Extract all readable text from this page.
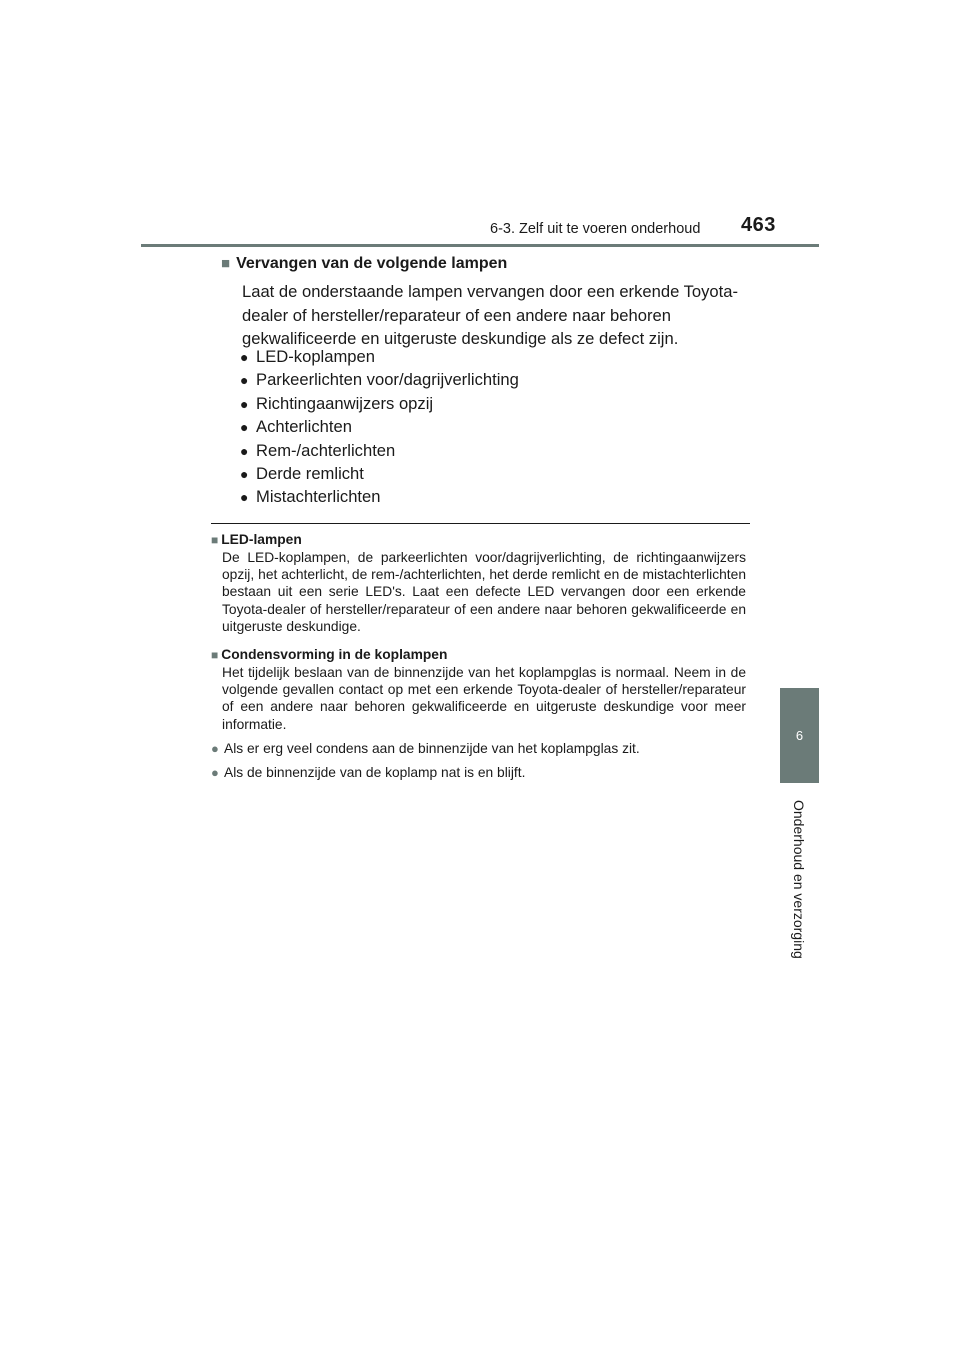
6-3. Zelf uit te voeren onderhoud 463
6
Onderhoud en verzorging
■ Vervangen van de volgende lampen
Laat de onderstaande lampen vervangen door een erkende Toyota-dealer of hersteller/reparateur of een andere naar behoren gekwalificeerde en uitgeruste deskundige als ze defect zijn.
● LED-koplampen
● Parkeerlichten voor/dagrijverlichting
● Richtingaanwijzers opzij
● Achterlichten
● Rem-/achterlichten
● Derde remlicht
● Mistachterlichten
■ LED-lampen
De LED-koplampen, de parkeerlichten voor/dagrijverlichting, de richtingaanwijzers opzij, het achterlicht, de rem-/achterlichten, het derde remlicht en de mistachterlichten bestaan uit een serie LED's. Laat een defecte LED vervangen door een erkende Toyota-dealer of hersteller/reparateur of een andere naar behoren gekwalificeerde en uitgeruste deskundige.
■ Condensvorming in de koplampen
Het tijdelijk beslaan van de binnenzijde van het koplampglas is normaal. Neem in de volgende gevallen contact op met een erkende Toyota-dealer of hersteller/reparateur of een andere naar behoren gekwalificeerde en uitgeruste deskundige voor meer informatie.
● Als er erg veel condens aan de binnenzijde van het koplampglas zit.
● Als de binnenzijde van de koplamp nat is en blijft.
